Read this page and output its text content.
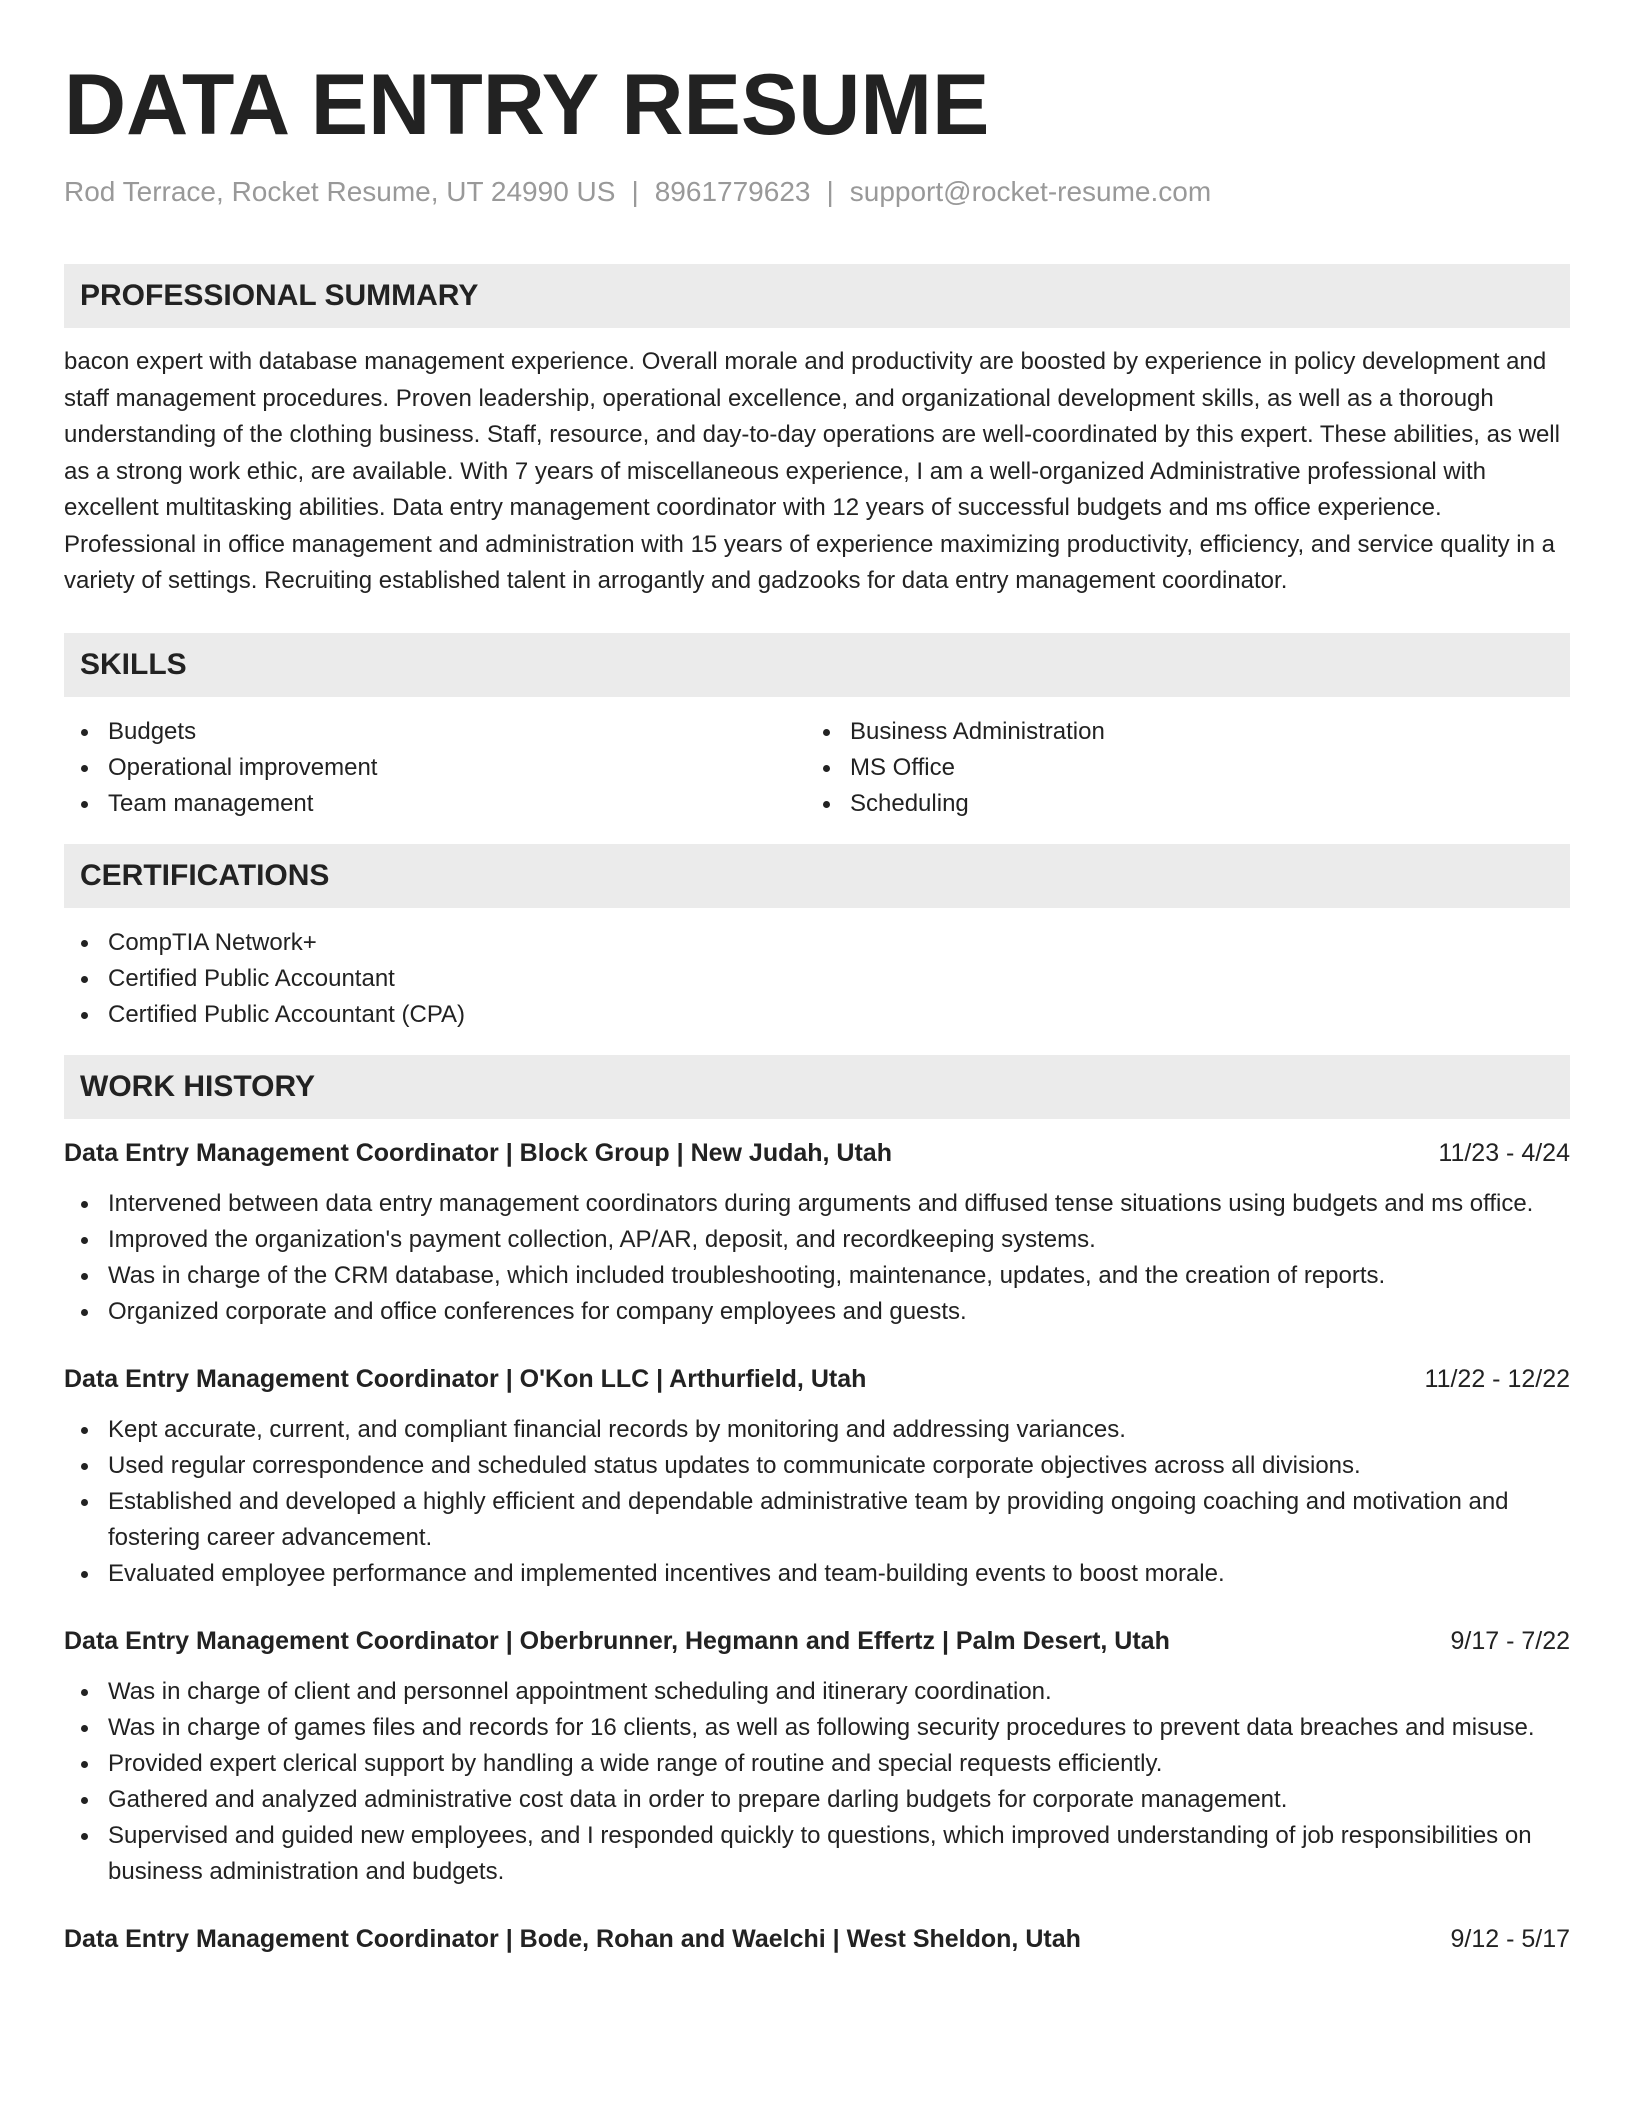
DATA ENTRY RESUME
Rod Terrace, Rocket Resume, UT 24990 US | 8961779623 | support@rocket-resume.com
PROFESSIONAL SUMMARY

bacon expert with database management experience. Overall morale and productivity are boosted by experience in policy development and staff management procedures. Proven leadership, operational excellence, and organizational development skills, as well as a thorough understanding of the clothing business. Staff, resource, and day-to-day operations are well-coordinated by this expert. These abilities, as well as a strong work ethic, are available. With 7 years of miscellaneous experience, I am a well-organized Administrative professional with excellent multitasking abilities. Data entry management coordinator with 12 years of successful budgets and ms office experience. Professional in office management and administration with 15 years of experience maximizing productivity, efficiency, and service quality in a variety of settings. Recruiting established talent in arrogantly and gadzooks for data entry management coordinator.

SKILLS
Budgets
Operational improvement
Team management
Business Administration
MS Office
Scheduling
CERTIFICATIONS
CompTIA Network+
Certified Public Accountant
Certified Public Accountant (CPA)
WORK HISTORY
Data Entry Management Coordinator | Block Group | New Judah, Utah	11/23 - 4/24
Intervened between data entry management coordinators during arguments and diffused tense situations using budgets and ms office.
Improved the organization's payment collection, AP/AR, deposit, and recordkeeping systems.
Was in charge of the CRM database, which included troubleshooting, maintenance, updates, and the creation of reports.
Organized corporate and office conferences for company employees and guests.
Data Entry Management Coordinator | O'Kon LLC | Arthurfield, Utah	11/22 - 12/22
Kept accurate, current, and compliant financial records by monitoring and addressing variances.
Used regular correspondence and scheduled status updates to communicate corporate objectives across all divisions.
Established and developed a highly efficient and dependable administrative team by providing ongoing coaching and motivation and fostering career advancement.
Evaluated employee performance and implemented incentives and team-building events to boost morale.
Data Entry Management Coordinator | Oberbrunner, Hegmann and Effertz | Palm Desert, Utah	9/17 - 7/22
Was in charge of client and personnel appointment scheduling and itinerary coordination.
Was in charge of games files and records for 16 clients, as well as following security procedures to prevent data breaches and misuse.
Provided expert clerical support by handling a wide range of routine and special requests efficiently.
Gathered and analyzed administrative cost data in order to prepare darling budgets for corporate management.
Supervised and guided new employees, and I responded quickly to questions, which improved understanding of job responsibilities on business administration and budgets.
Data Entry Management Coordinator | Bode, Rohan and Waelchi | West Sheldon, Utah	9/12 - 5/17
